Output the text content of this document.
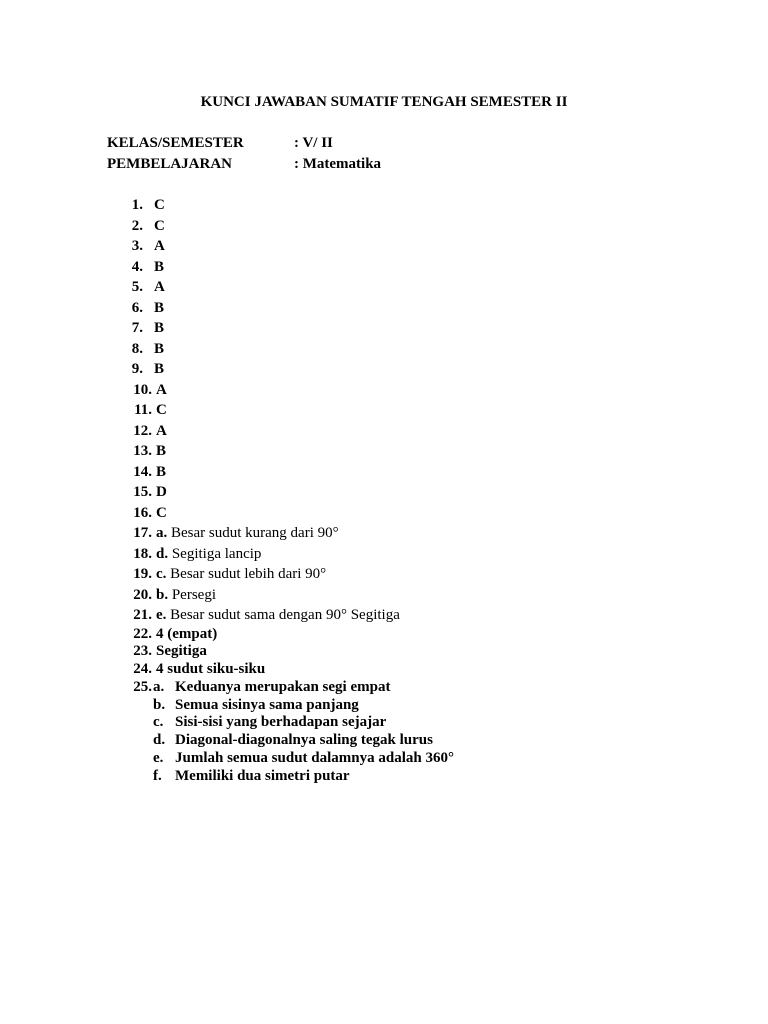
KUNCI JAWABAN SUMATIF TENGAH SEMESTER II
KELAS/SEMESTER	: V/ II
PEMBELAJARAN	: Matematika
1. C
2. C
3. A
4. B
5. A
6. B
7. B
8. B
9. B
10. A
11. C
12. A
13. B
14. B
15. D
16. C
17. a. Besar sudut kurang dari 90°
18. d. Segitiga lancip
19. c. Besar sudut lebih dari 90°
20. b. Persegi
21. e. Besar sudut sama dengan 90° Segitiga
22. 4 (empat)
23. Segitiga
24. 4 sudut siku-siku
25. a. Keduanya merupakan segi empat
b. Semua sisinya sama panjang
c. Sisi-sisi yang berhadapan sejajar
d. Diagonal-diagonalnya saling tegak lurus
e. Jumlah semua sudut dalamnya adalah 360°
f. Memiliki dua simetri putar
